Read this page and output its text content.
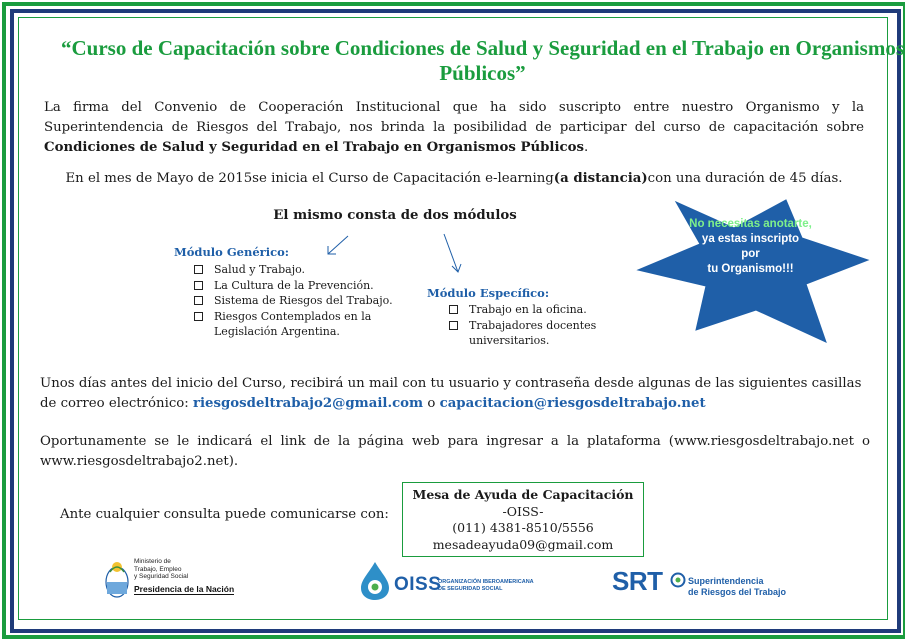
“Curso de Capacitación sobre Condiciones de Salud y Seguridad en el Trabajo en Organismos Públicos”
La firma del Convenio de Cooperación Institucional que ha sido suscripto entre nuestro Organismo y la Superintendencia de Riesgos del Trabajo, nos brinda la posibilidad de participar del curso de capacitación sobre Condiciones de Salud y Seguridad en el Trabajo en Organismos Públicos.
En el mes de Mayo de 2015se inicia el Curso de Capacitación e-learning(a distancia)con una duración de 45 días.
El mismo consta de dos módulos
Módulo Genérico:
Salud y Trabajo.
La Cultura de la Prevención.
Sistema de Riesgos del Trabajo.
Riesgos Contemplados en la Legislación Argentina.
Módulo Específico:
Trabajo en la oficina.
Trabajadores docentes universitarios.
No necesitas anotarte,
ya estas inscripto
por
tu Organismo!!!
Unos días antes del inicio del Curso, recibirá un mail con tu usuario y contraseña desde algunas de las siguientes casillas de correo electrónico: riesgosdeltrabajo2@gmail.com o capacitacion@riesgosdeltrabajo.net
Oportunamente se le indicará el link de la página web para ingresar a la plataforma (www.riesgosdeltrabajo.net o www.riesgosdeltrabajo2.net).
Ante cualquier consulta puede comunicarse con:
Mesa de Ayuda de Capacitación
-OISS-
(011) 4381-8510/5556
mesadeayuda09@gmail.com
Ministerio de
Trabajo, Empleo
y Seguridad Social
Presidencia de la Nación	OISS
ORGANIZACIÓN IBEROAMERICANA
DE SEGURIDAD SOCIAL	SRT	Superintendencia
de Riesgos del Trabajo
